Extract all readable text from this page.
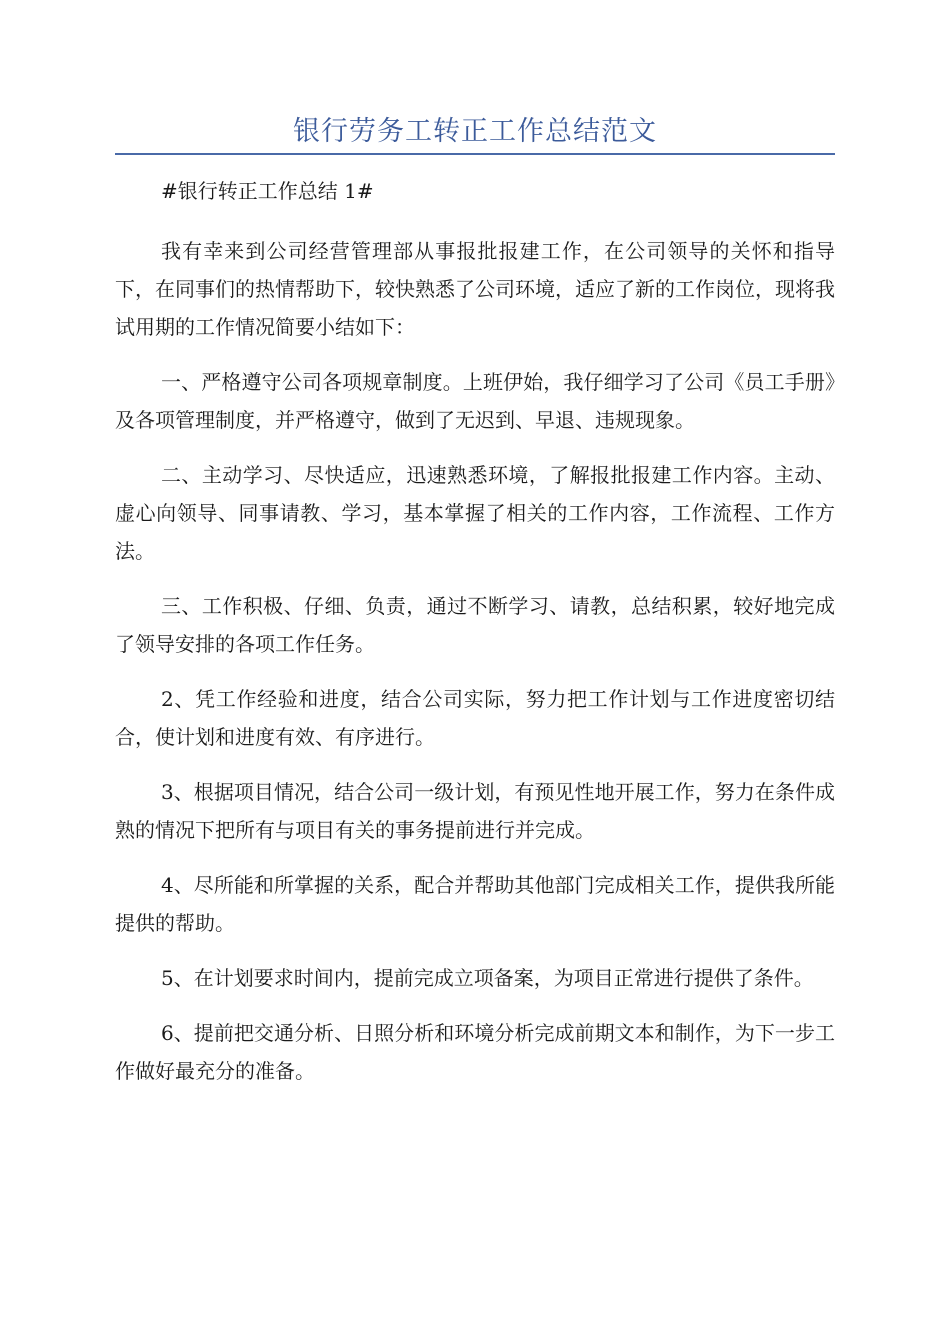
银行劳务工转正工作总结范文

#银行转正工作总结 1#

我有幸来到公司经营管理部从事报批报建工作，在公司领导的关怀和指导下，在同事们的热情帮助下，较快熟悉了公司环境，适应了新的工作岗位，现将我试用期的工作情况简要小结如下：

一、严格遵守公司各项规章制度。上班伊始，我仔细学习了公司《员工手册》及各项管理制度，并严格遵守，做到了无迟到、早退、违规现象。

二、主动学习、尽快适应，迅速熟悉环境，了解报批报建工作内容。主动、虚心向领导、同事请教、学习，基本掌握了相关的工作内容，工作流程、工作方法。

三、工作积极、仔细、负责，通过不断学习、请教，总结积累，较好地完成了领导安排的各项工作任务。

2、凭工作经验和进度，结合公司实际，努力把工作计划与工作进度密切结合，使计划和进度有效、有序进行。

3、根据项目情况，结合公司一级计划，有预见性地开展工作，努力在条件成熟的情况下把所有与项目有关的事务提前进行并完成。

4、尽所能和所掌握的关系，配合并帮助其他部门完成相关工作，提供我所能提供的帮助。

5、在计划要求时间内，提前完成立项备案，为项目正常进行提供了条件。

6、提前把交通分析、日照分析和环境分析完成前期文本和制作，为下一步工作做好最充分的准备。
